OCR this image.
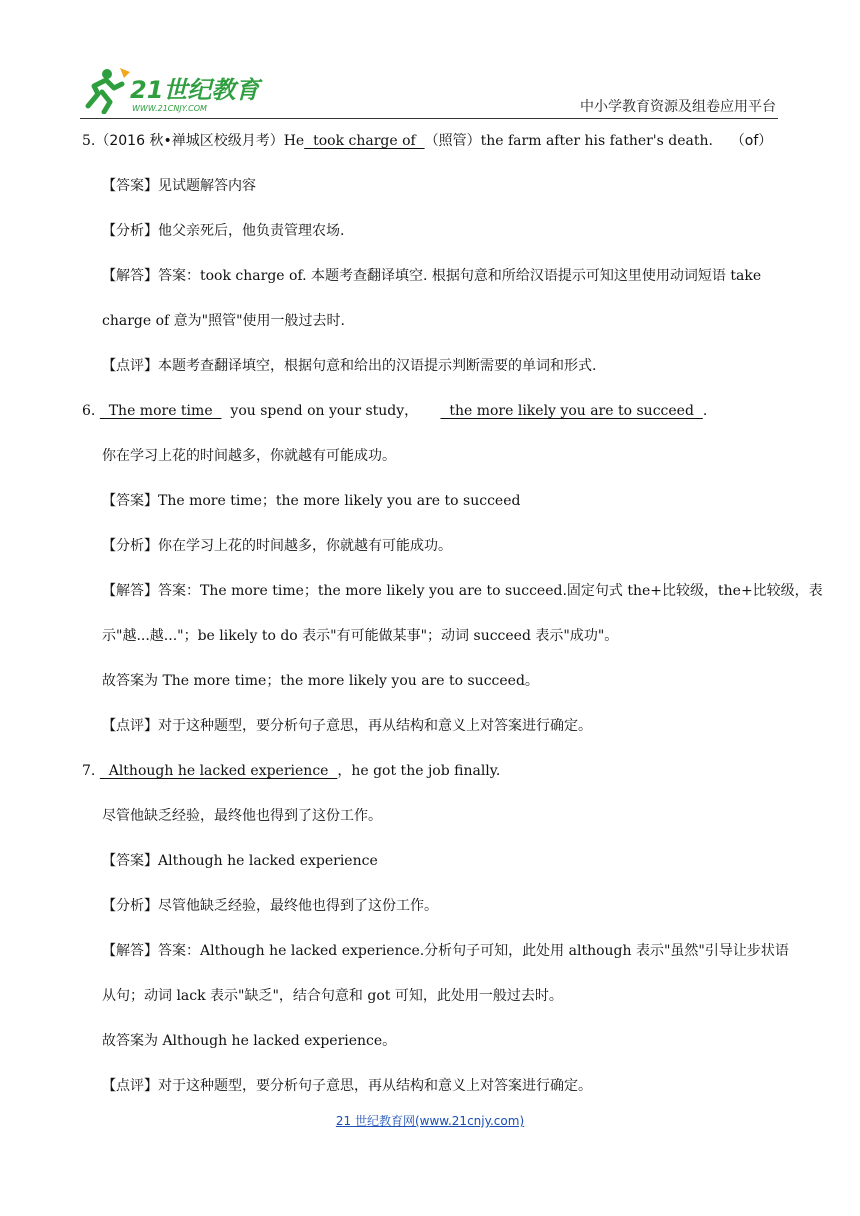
21世纪教育
WWW.21CNJY.COM	中小学教育资源及组卷应用平台
5.（2016 秋•禅城区校级月考）He  took charge of  （照管）the farm after his father's death. （of）
【答案】见试题解答内容
【分析】他父亲死后，他负责管理农场.
【解答】答案：took charge of. 本题考查翻译填空. 根据句意和所给汉语提示可知这里使用动词短语 take
charge of 意为"照管"使用一般过去时.
【点评】本题考查翻译填空，根据句意和给出的汉语提示判断需要的单词和形式.
6.   The more time    you spend on your study，       the more likely you are to succeed  .
你在学习上花的时间越多，你就越有可能成功。
【答案】The more time；the more likely you are to succeed
【分析】你在学习上花的时间越多，你就越有可能成功。
【解答】答案：The more time；the more likely you are to succeed.固定句式 the+比较级，the+比较级，表
示"越...越..."；be likely to do 表示"有可能做某事"；动词 succeed 表示"成功"。
故答案为 The more time；the more likely you are to succeed。
【点评】对于这种题型，要分析句子意思，再从结构和意义上对答案进行确定。
7.   Although he lacked experience  ，he got the job finally.
尽管他缺乏经验，最终他也得到了这份工作。
【答案】Although he lacked experience
【分析】尽管他缺乏经验，最终他也得到了这份工作。
【解答】答案：Although he lacked experience.分析句子可知，此处用 although 表示"虽然"引导让步状语
从句；动词 lack 表示"缺乏"，结合句意和 got 可知，此处用一般过去时。
故答案为 Although he lacked experience。
【点评】对于这种题型，要分析句子意思，再从结构和意义上对答案进行确定。
21 世纪教育网(www.21cnjy.com)
